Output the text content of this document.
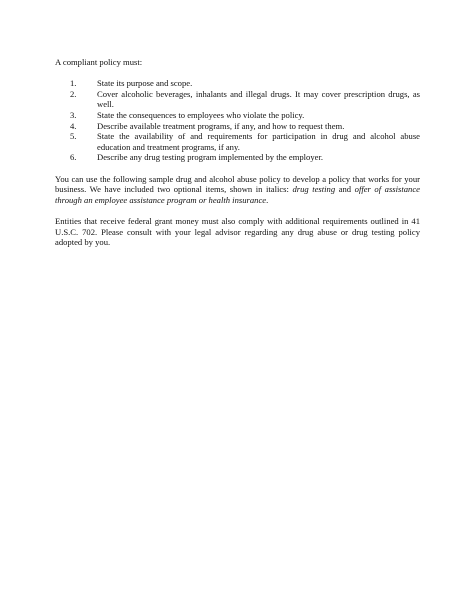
A compliant policy must:

1.	State its purpose and scope.
2.	Cover alcoholic beverages, inhalants and illegal drugs. It may cover prescription drugs, as well.
3.	State the consequences to employees who violate the policy.
4.	Describe available treatment programs, if any, and how to request them.
5.	State the availability of and requirements for participation in drug and alcohol abuse education and treatment programs, if any.
6.	Describe any drug testing program implemented by the employer.

You can use the following sample drug and alcohol abuse policy to develop a policy that works for your business. We have included two optional items, shown in italics: drug testing and offer of assistance through an employee assistance program or health insurance.

Entities that receive federal grant money must also comply with additional requirements outlined in 41 U.S.C. 702. Please consult with your legal advisor regarding any drug abuse or drug testing policy adopted by you.
